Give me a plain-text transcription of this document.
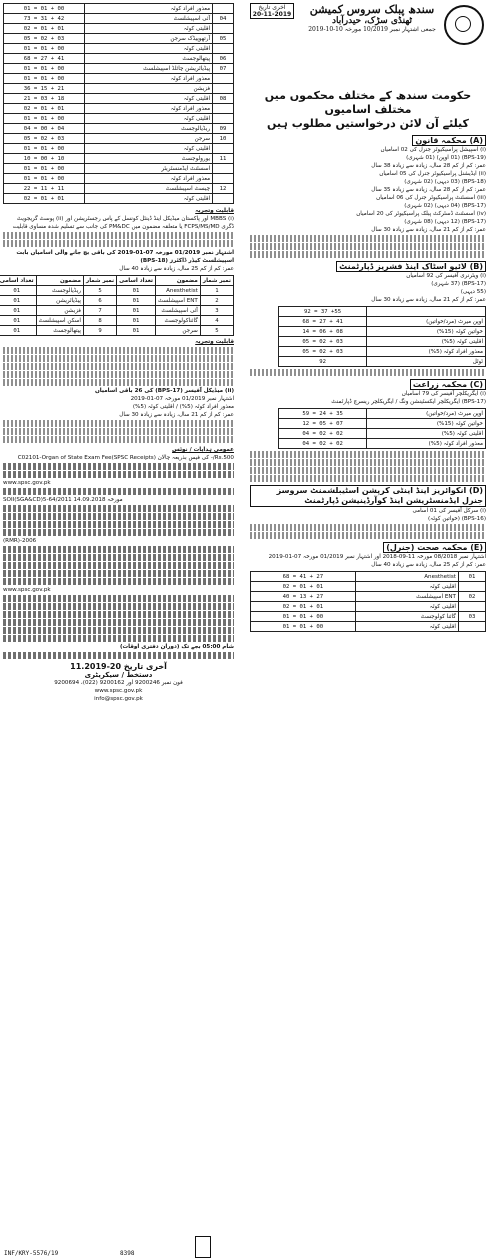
آخری تاریخ
20-11-2019	سندھ پبلک سروس کمیشن
ٹھنڈی سڑک، حیدرآباد
جمعی اشتہار نمبر 10/2019 مورخہ 10-10-2019
حکومت سندھ کے مختلف محکموں میں مختلف اسامیوں
کیلئے آن لائن درخواستیں مطلوب ہیں
(A) محکمہ قانون
(i) اسپیشل پراسیکیوٹر جنرل کی 02 اسامیاں
(BPS-19) (01 اوپن) (01 شہری)
عمر: کم از کم 28 سال، زیادہ سے زیادہ 38 سال
(ii) ایڈیشنل پراسیکیوٹر جنرل کی 05 اسامیاں
(BPS-18) (03 دیہی) (02 شہری)
عمر: کم از کم 28 سال، زیادہ سے زیادہ 35 سال
(iii) اسسٹنٹ پراسیکیوٹر جنرل کی 06 اسامیاں
(BPS-17) (04 دیہی) (02 شہری)
(iv) اسسٹنٹ ڈسٹرکٹ پبلک پراسیکیوٹر کی 20 اسامیاں
(BPS-17) (12 دیہی) (08 شہری)
عمر: کم از کم 21 سال، زیادہ سے زیادہ 30 سال
(B) لائیو اسٹاک اینڈ فشریز ڈپارٹمنٹ
(i) ویٹرنری آفیسر کی 92 اسامیاں
(BPS-17) (37 شہری)
(55 دیہی)
عمر: کم از کم 21 سال، زیادہ سے زیادہ 30 سال
	55+ 37 = 92
اوپن میرٹ (مرد/خواتین)	41 + 27 = 68
خواتین کوٹہ (15%)	08 + 06 = 14
اقلیتی کوٹہ (5%)	03 + 02 = 05
معذور افراد کوٹہ (5%)	03 + 02 = 05
ٹوٹل	92
(C) محکمہ زراعت
(i) ایگریکلچر آفیسر کی 79 اسامیاں
(BPS-17) ایگریکلچر ایکسٹینشن ونگ / ایگریکلچر ریسرچ ڈپارٹمنٹ
اوپن میرٹ (مرد/خواتین)	35 + 24 = 59
خواتین کوٹہ (15%)	07 + 05 = 12
اقلیتی کوٹہ (5%)	02 + 02 = 04
معذور افراد کوٹہ (5%)	02 + 02 = 04
(D) انکوائریز اینڈ اینٹی کرپشن اسٹیبلشمنٹ سروسز جنرل ایڈمنسٹریشن اینڈ کوآرڈینیشن ڈپارٹمنٹ
(i) سرکل آفیسر کی 01 اسامی
(BPS-16) (خواتین کوٹہ)
(E) محکمہ صحت (جنرل)
اشتہار نمبر 08/2018 مورخہ 11-09-2018 اور اشتہار نمبر 01/2019 مورخہ 07-01-2019
عمر: کم از کم 25 سال، زیادہ سے زیادہ 40 سال
01	Anesthetist	27 + 41 = 68
	اقلیتی کوٹہ	01 + 01 = 02
02	ENT اسپیشلسٹ	27 + 13 = 40
	اقلیتی کوٹہ	01 + 01 = 02
03	گائنا کولوجسٹ	00 + 01 = 01
	اقلیتی کوٹہ	00 + 01 = 01
	معذور افراد کوٹہ	00 + 01 = 01
04	آئی اسپیشلسٹ	42 + 31 = 73
	اقلیتی کوٹہ	01 + 01 = 02
05	آرتھوپیڈک سرجن	03 + 02 = 05
	اقلیتی کوٹہ	00 + 01 = 01
06	پیتھالوجسٹ	41 + 27 = 68
07	پیڈیاٹریشن چائلڈ اسپیشلسٹ	00 + 01 = 01
	معذور افراد کوٹہ	00 + 01 = 01
	فزیشن	21 + 15 = 36
08	اقلیتی کوٹہ	18 + 03 = 21
	معذور افراد کوٹہ	01 + 01 = 02
	اقلیتی کوٹہ	00 + 01 = 01
09	ریڈیالوجسٹ	04 + 00 = 04
10	سرجن	03 + 02 = 05
	اقلیتی کوٹہ	00 + 01 = 01
11	یورولوجسٹ	10 + 00 = 10
	اسسٹنٹ ایڈمنسٹریٹر	00 + 01 = 01
	معذور افراد کوٹہ	00 + 01 = 01
12	چیسٹ اسپیشلسٹ	11 + 11 = 22
	اقلیتی کوٹہ	01 + 01 = 02
قابلیت وتجربہ
(i) MBBS اور پاکستان میڈیکل اینڈ ڈینٹل کونسل کے پاس رجسٹریشن اور (ii) پوسٹ گریجویٹ ڈگری FCPS/MS/MD یا متعلقہ مضمون میں PM&DC کی جانب سے تسلیم شدہ مساوی قابلیت
اشتہار نمبر 01/2019 مورخہ 07-01-2019 کی باقی بچ جانے والی اسامیاں بابت اسپیشلسٹ کیڈر ڈاکٹرز (BPS-18)
عمر: کم از کم 25 سال، زیادہ سے زیادہ 40 سال
نمبر شمار	مضمون	تعداد اسامی	نمبر شمار	مضمون	تعداد اسامی
1	Anesthetist	01	5	ریڈیالوجسٹ	01
2	ENT اسپیشلسٹ	01	6	پیڈیاٹریشن	01
3	آئی اسپیشلسٹ	01	7	فزیشن	01
4	گائناکولوجسٹ	01	8	اسکن اسپیشلسٹ	01
5	سرجن	01	9	پیتھالوجسٹ	01
قابلیت وتجربہ
(ii) میڈیکل آفیسر (BPS-17) کی 26 باقی اسامیاں
اشتہار نمبر 01/2019 مورخہ 07-01-2019
معذور افراد کوٹہ (5%) / اقلیتی کوٹہ (5%)
عمر: کم از کم 21 سال، زیادہ سے زیادہ 30 سال
عمومی ہدایات / نوٹس
Rs.500/- کی فیس بذریعہ چالان C02101-Organ of State Exam Fee(SPSC Receipts)
www.spsc.gov.pk
SOII(SGA&CD)5-64/2011 مورخہ 14.09.2018
(RMR)-2006
www.spsc.gov.pk
شام 05:00 بجے تک (دوران دفتری اوقات)
آخری تاریخ 20-11.2019
دستخط / سیکریٹری
فون نمبر 9200246 اور 9200162 (022)، 9200694
www.spsc.gov.pk
info@spsc.gov.pk
INF/KRY-5576/19	8398
